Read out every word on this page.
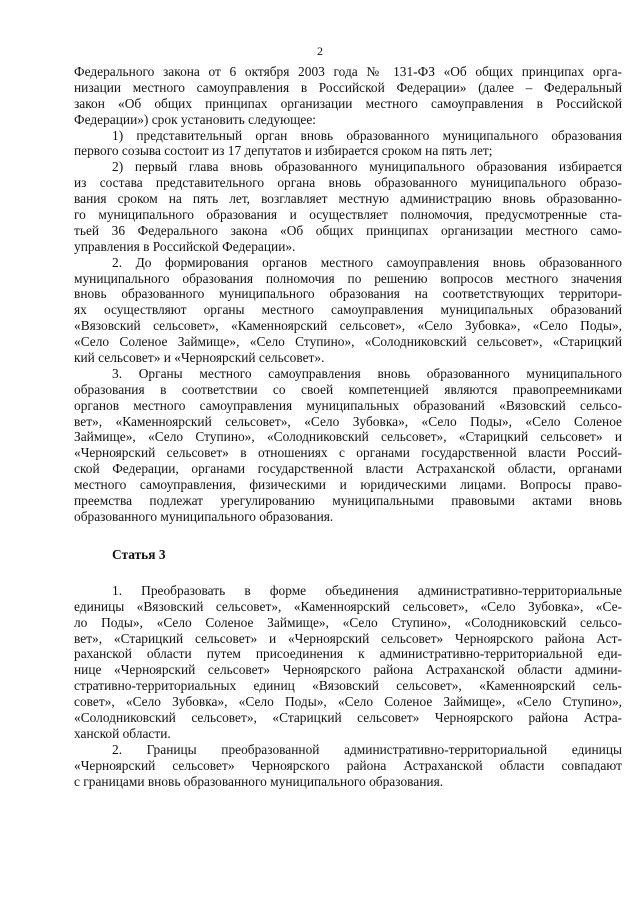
2
Федерального закона от 6 октября 2003 года № 131-ФЗ «Об общих принципах орга-
низации местного самоуправления в Российской Федерации» (далее – Федеральный
закон «Об общих принципах организации местного самоуправления в Российской
Федерации») срок установить следующее:
1) представительный орган вновь образованного муниципального образования
первого созыва состоит из 17 депутатов и избирается сроком на пять лет;
2) первый глава вновь образованного муниципального образования избирается
из состава представительного органа вновь образованного муниципального образо-
вания сроком на пять лет, возглавляет местную администрацию вновь образованно-
го муниципального образования и осуществляет полномочия, предусмотренные ста-
тьей 36 Федерального закона «Об общих принципах организации местного само-
управления в Российской Федерации».
2. До формирования органов местного самоуправления вновь образованного
муниципального образования полномочия по решению вопросов местного значения
вновь образованного муниципального образования на соответствующих территори-
ях осуществляют органы местного самоуправления муниципальных образований
«Вязовский сельсовет», «Каменноярский сельсовет», «Село Зубовка», «Село Поды»,
«Село Соленое Займище», «Село Ступино», «Солодниковский сельсовет», «Старицкий
кий сельсовет» и «Черноярский сельсовет».
3. Органы местного самоуправления вновь образованного муниципального
образования в соответствии со своей компетенцией являются правопреемниками
органов местного самоуправления муниципальных образований «Вязовский сельсо-
вет», «Каменноярский сельсовет», «Село Зубовка», «Село Поды», «Село Соленое
Займище», «Село Ступино», «Солодниковский сельсовет», «Старицкий сельсовет» и
«Черноярский сельсовет» в отношениях с органами государственной власти Россий-
ской Федерации, органами государственной власти Астраханской области, органами
местного самоуправления, физическими и юридическими лицами. Вопросы право-
преемства подлежат урегулированию муниципальными правовыми актами вновь
образованного муниципального образования.
Статья 3
1. Преобразовать в форме объединения административно-территориальные
единицы «Вязовский сельсовет», «Каменноярский сельсовет», «Село Зубовка», «Се-
ло Поды», «Село Соленое Займище», «Село Ступино», «Солодниковский сельсо-
вет», «Старицкий сельсовет» и «Черноярский сельсовет» Черноярского района Аст-
раханской области путем присоединения к административно-территориальной еди-
нице «Черноярский сельсовет» Черноярского района Астраханской области админи-
стративно-территориальных единиц «Вязовский сельсовет», «Каменноярский сель-
совет», «Село Зубовка», «Село Поды», «Село Соленое Займище», «Село Ступино»,
«Солодниковский сельсовет», «Старицкий сельсовет» Черноярского района Астра-
ханской области.
2. Границы преобразованной административно-территориальной единицы
«Черноярский сельсовет» Черноярского района Астраханской области совпадают
с границами вновь образованного муниципального образования.
